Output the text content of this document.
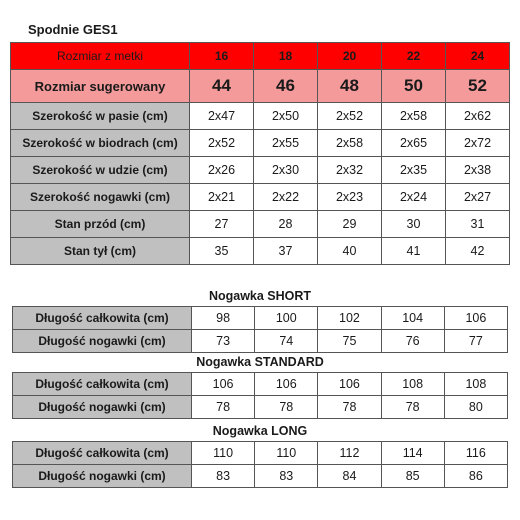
Spodnie GES1
Rozmiar z metki	16	18	20	22	24
Rozmiar sugerowany	44	46	48	50	52
Szerokość w pasie (cm)	2x47	2x50	2x52	2x58	2x62
Szerokość w biodrach (cm)	2x52	2x55	2x58	2x65	2x72
Szerokość w udzie (cm)	2x26	2x30	2x32	2x35	2x38
Szerokość nogawki (cm)	2x21	2x22	2x23	2x24	2x27
Stan przód (cm)	27	28	29	30	31
Stan tył (cm)	35	37	40	41	42
Nogawka SHORT
Długość całkowita (cm)	98	100	102	104	106
Długość nogawki (cm)	73	74	75	76	77
Nogawka STANDARD
Długość całkowita (cm)	106	106	106	108	108
Długość nogawki (cm)	78	78	78	78	80
Nogawka LONG
Długość całkowita (cm)	110	110	112	114	116
Długość nogawki (cm)	83	83	84	85	86
